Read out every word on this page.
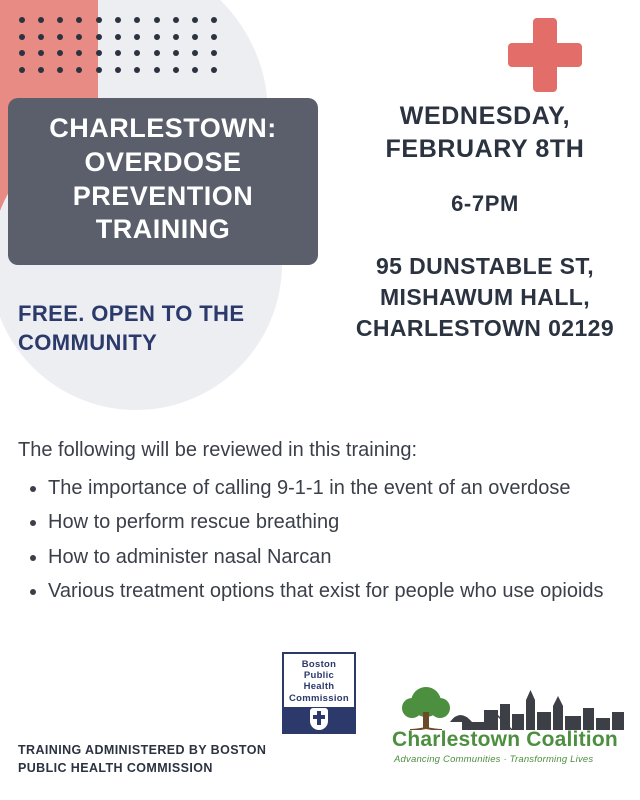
CHARLESTOWN:
OVERDOSE
PREVENTION
TRAINING
FREE. OPEN TO THE COMMUNITY
WEDNESDAY, FEBRUARY 8TH
6-7PM
95 DUNSTABLE ST,
MISHAWUM HALL,
CHARLESTOWN 02129
The following will be reviewed in this training:
• The importance of calling 9-1-1 in the event of an overdose
• How to perform rescue breathing
• How to administer nasal Narcan
• Various treatment options that exist for people who use opioids
TRAINING ADMINISTERED BY BOSTON PUBLIC HEALTH COMMISSION
Boston
Public
Health
Commission
Charlestown Coalition
Advancing Communities · Transforming Lives
